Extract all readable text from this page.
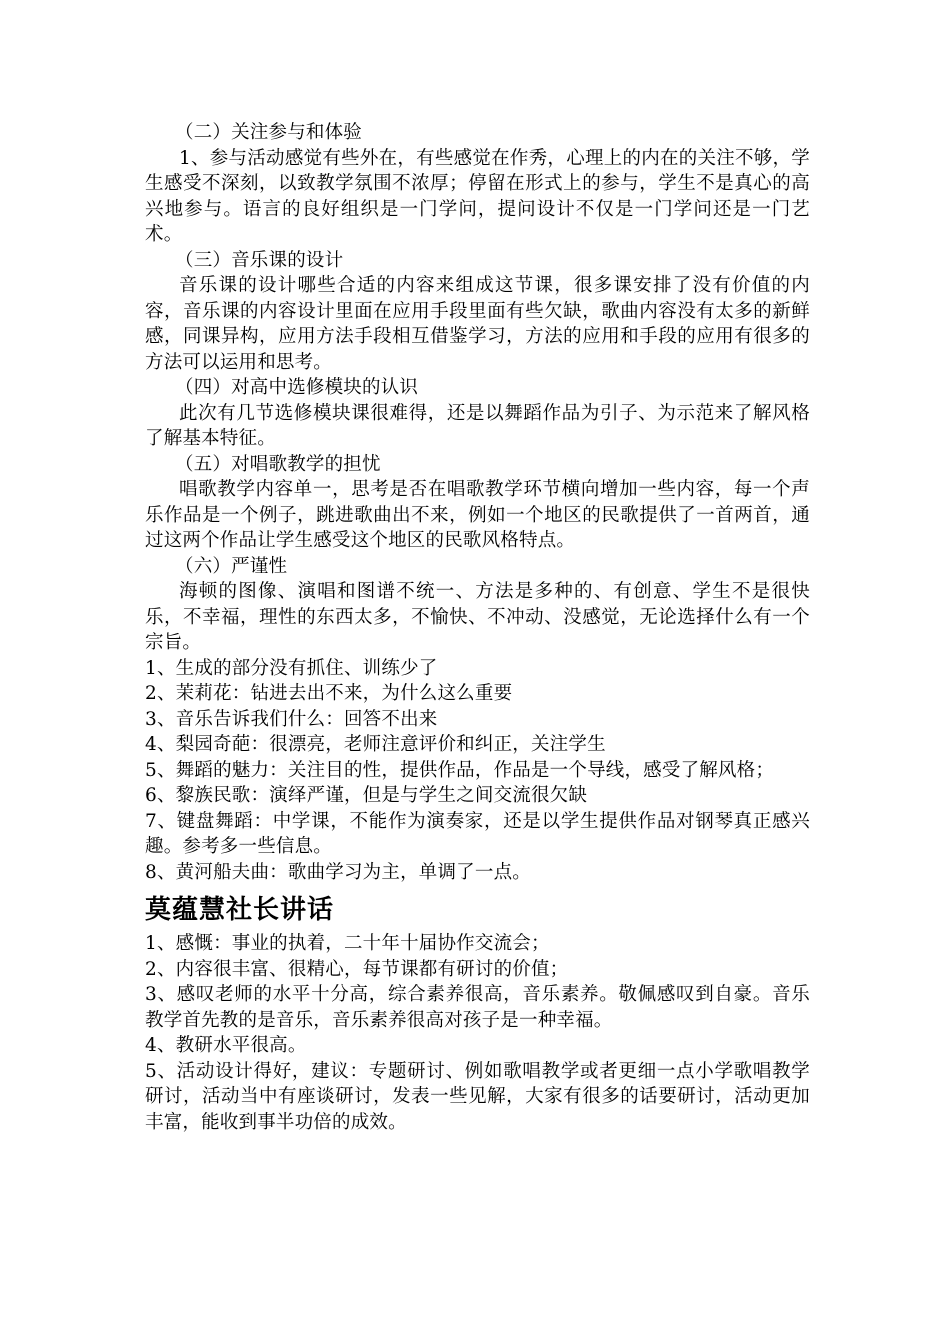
（二）关注参与和体验

1、参与活动感觉有些外在，有些感觉在作秀，心理上的内在的关注不够，学生感受不深刻，以致教学氛围不浓厚；停留在形式上的参与，学生不是真心的高兴地参与。语言的良好组织是一门学问，提问设计不仅是一门学问还是一门艺术。

（三）音乐课的设计

音乐课的设计哪些合适的内容来组成这节课，很多课安排了没有价值的内容，音乐课的内容设计里面在应用手段里面有些欠缺，歌曲内容没有太多的新鲜感，同课异构，应用方法手段相互借鉴学习，方法的应用和手段的应用有很多的方法可以运用和思考。

（四）对高中选修模块的认识

此次有几节选修模块课很难得，还是以舞蹈作品为引子、为示范来了解风格了解基本特征。

（五）对唱歌教学的担忧

唱歌教学内容单一，思考是否在唱歌教学环节横向增加一些内容，每一个声乐作品是一个例子，跳进歌曲出不来，例如一个地区的民歌提供了一首两首，通过这两个作品让学生感受这个地区的民歌风格特点。

（六）严谨性

海顿的图像、演唱和图谱不统一、方法是多种的、有创意、学生不是很快乐，不幸福，理性的东西太多，不愉快、不冲动、没感觉，无论选择什么有一个宗旨。

1、生成的部分没有抓住、训练少了

2、茉莉花：钻进去出不来，为什么这么重要

3、音乐告诉我们什么：回答不出来

4、梨园奇葩：很漂亮，老师注意评价和纠正，关注学生

5、舞蹈的魅力：关注目的性，提供作品，作品是一个导线，感受了解风格；

6、黎族民歌：演绎严谨，但是与学生之间交流很欠缺

7、键盘舞蹈：中学课，不能作为演奏家，还是以学生提供作品对钢琴真正感兴趣。参考多一些信息。

8、黄河船夫曲：歌曲学习为主，单调了一点。

莫蕴慧社长讲话

1、感慨：事业的执着，二十年十届协作交流会；

2、内容很丰富、很精心，每节课都有研讨的价值；

3、感叹老师的水平十分高，综合素养很高，音乐素养。敬佩感叹到自豪。音乐教学首先教的是音乐，音乐素养很高对孩子是一种幸福。

4、教研水平很高。

5、活动设计得好，建议：专题研讨、例如歌唱教学或者更细一点小学歌唱教学研讨，活动当中有座谈研讨，发表一些见解，大家有很多的话要研讨，活动更加丰富，能收到事半功倍的成效。
